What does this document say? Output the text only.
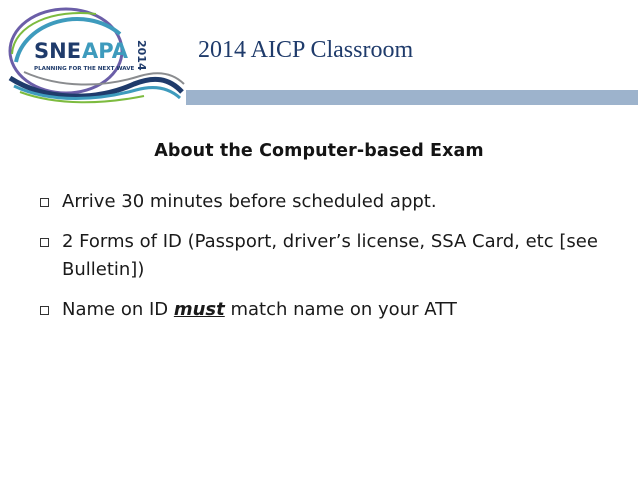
SNE APA 2014
PLANNING FOR THE NEXT WAVE
2014 AICP Classroom
About the Computer-based Exam
Arrive 30 minutes before scheduled appt.
2 Forms of ID (Passport, driver’s license, SSA Card, etc [see Bulletin])
Name on ID must match name on your ATT
